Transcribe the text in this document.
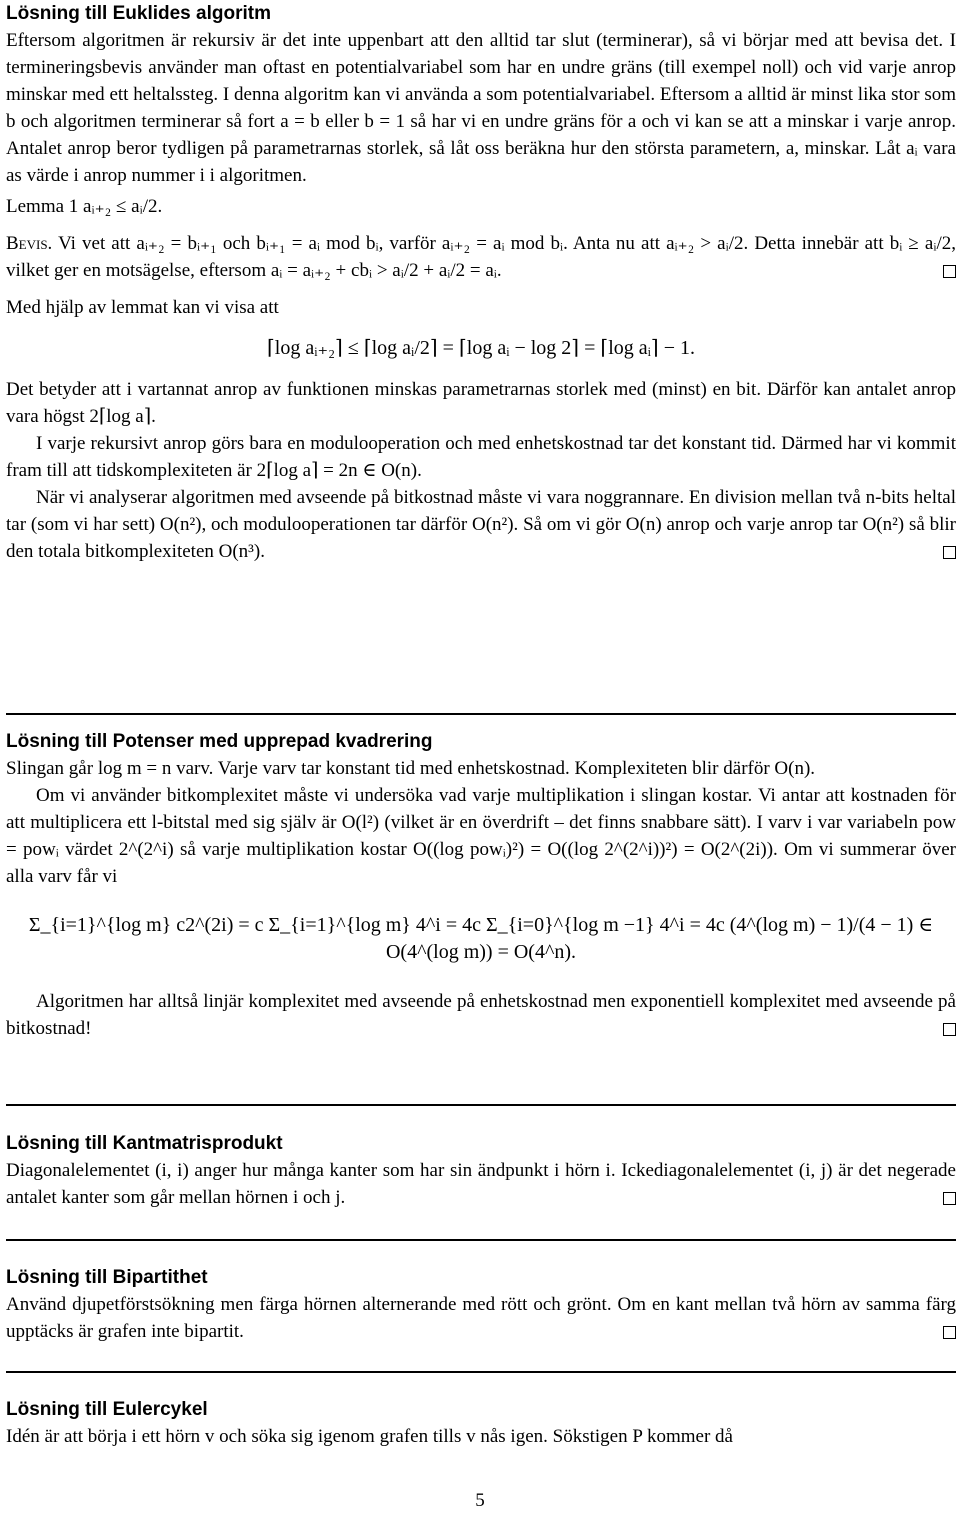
Lösning till Euklides algoritm

Eftersom algoritmen är rekursiv är det inte uppenbart att den alltid tar slut (terminerar), så vi börjar med att bevisa det. I termineringsbevis använder man oftast en potentialvariabel som har en undre gräns (till exempel noll) och vid varje anrop minskar med ett heltalssteg. I denna algoritm kan vi använda a som potentialvariabel. Eftersom a alltid är minst lika stor som b och algoritmen terminerar så fort a = b eller b = 1 så har vi en undre gräns för a och vi kan se att a minskar i varje anrop. Antalet anrop beror tydligen på parametrarnas storlek, så låt oss beräkna hur den största parametern, a, minskar. Låt aᵢ vara as värde i anrop nummer i i algoritmen.

Lemma 1 aᵢ₊₂ ≤ aᵢ/2.

Bevis. Vi vet att aᵢ₊₂ = bᵢ₊₁ och bᵢ₊₁ = aᵢ mod bᵢ, varför aᵢ₊₂ = aᵢ mod bᵢ. Anta nu att aᵢ₊₂ > aᵢ/2. Detta innebär att bᵢ ≥ aᵢ/2, vilket ger en motsägelse, eftersom aᵢ = aᵢ₊₂ + cbᵢ > aᵢ/2 + aᵢ/2 = aᵢ.

Med hjälp av lemmat kan vi visa att

⌈log aᵢ₊₂⌉ ≤ ⌈log aᵢ/2⌉ = ⌈log aᵢ − log 2⌉ = ⌈log aᵢ⌉ − 1.

Det betyder att i vartannat anrop av funktionen minskas parametrarnas storlek med (minst) en bit. Därför kan antalet anrop vara högst 2⌈log a⌉.

I varje rekursivt anrop görs bara en modulooperation och med enhetskostnad tar det konstant tid. Därmed har vi kommit fram till att tidskomplexiteten är 2⌈log a⌉ = 2n ∈ O(n).

När vi analyserar algoritmen med avseende på bitkostnad måste vi vara noggrannare. En division mellan två n-bits heltal tar (som vi har sett) O(n²), och modulooperationen tar därför O(n²). Så om vi gör O(n) anrop och varje anrop tar O(n²) så blir den totala bitkomplexiteten O(n³).

Lösning till Potenser med upprepad kvadrering

Slingan går log m = n varv. Varje varv tar konstant tid med enhetskostnad. Komplexiteten blir därför O(n).

Om vi använder bitkomplexitet måste vi undersöka vad varje multiplikation i slingan kostar. Vi antar att kostnaden för att multiplicera ett l-bitstal med sig själv är O(l²) (vilket är en överdrift – det finns snabbare sätt). I varv i var variabeln pow = powᵢ värdet 2^(2^i) så varje multiplikation kostar O((log powᵢ)²) = O((log 2^(2^i))²) = O(2^(2i)). Om vi summerar över alla varv får vi

Σ_{i=1}^{log m} c2^(2i) = c Σ_{i=1}^{log m} 4^i = 4c Σ_{i=0}^{log m −1} 4^i = 4c (4^(log m) − 1)/(4 − 1) ∈ O(4^(log m)) = O(4^n).

Algoritmen har alltså linjär komplexitet med avseende på enhetskostnad men exponentiell komplexitet med avseende på bitkostnad!

Lösning till Kantmatrisprodukt

Diagonalelementet (i, i) anger hur många kanter som har sin ändpunkt i hörn i. Ickediagonalelementet (i, j) är det negerade antalet kanter som går mellan hörnen i och j.

Lösning till Bipartithet

Använd djupetförstsökning men färga hörnen alternerande med rött och grönt. Om en kant mellan två hörn av samma färg upptäcks är grafen inte bipartit.

Lösning till Eulercykel

Idén är att börja i ett hörn v och söka sig igenom grafen tills v nås igen. Sökstigen P kommer då

5
